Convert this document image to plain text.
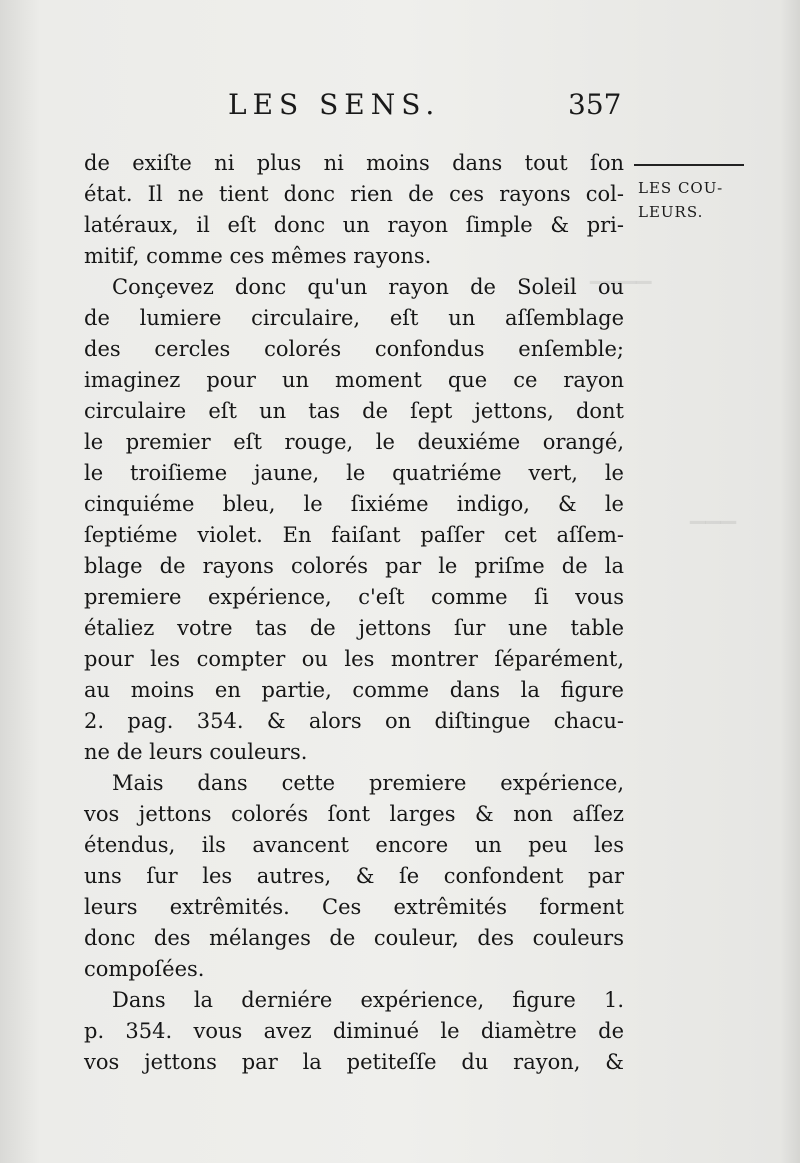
▁▁▁▁
▁▁▁
LES SENS.	357
LES COU-
LEURS.
de exiſte ni plus ni moins dans tout ſon
état. Il ne tient donc rien de ces rayons col-
latéraux, il eſt donc un rayon ſimple & pri-
mitif, comme ces mêmes rayons.
Conçevez donc qu'un rayon de Soleil ou
de lumiere circulaire, eſt un aſſemblage
des cercles colorés confondus enſemble;
imaginez pour un moment que ce rayon
circulaire eſt un tas de ſept jettons, dont
le premier eſt rouge, le deuxiéme orangé,
le troiſieme jaune, le quatriéme vert, le
cinquiéme bleu, le ſixiéme indigo, & le
ſeptiéme violet. En faiſant paſſer cet aſſem-
blage de rayons colorés par le priſme de la
premiere expérience, c'eſt comme ſi vous
étaliez votre tas de jettons ſur une table
pour les compter ou les montrer ſéparément,
au moins en partie, comme dans la figure
2. pag. 354. & alors on diſtingue chacu-
ne de leurs couleurs.
Mais dans cette premiere expérience,
vos jettons colorés ſont larges & non aſſez
étendus, ils avancent encore un peu les
uns ſur les autres, & ſe confondent par
leurs extrêmités. Ces extrêmités forment
donc des mélanges de couleur, des couleurs
compoſées.
Dans la derniére expérience, figure 1.
p. 354. vous avez diminué le diamètre de
vos jettons par la petiteſſe du rayon, &
